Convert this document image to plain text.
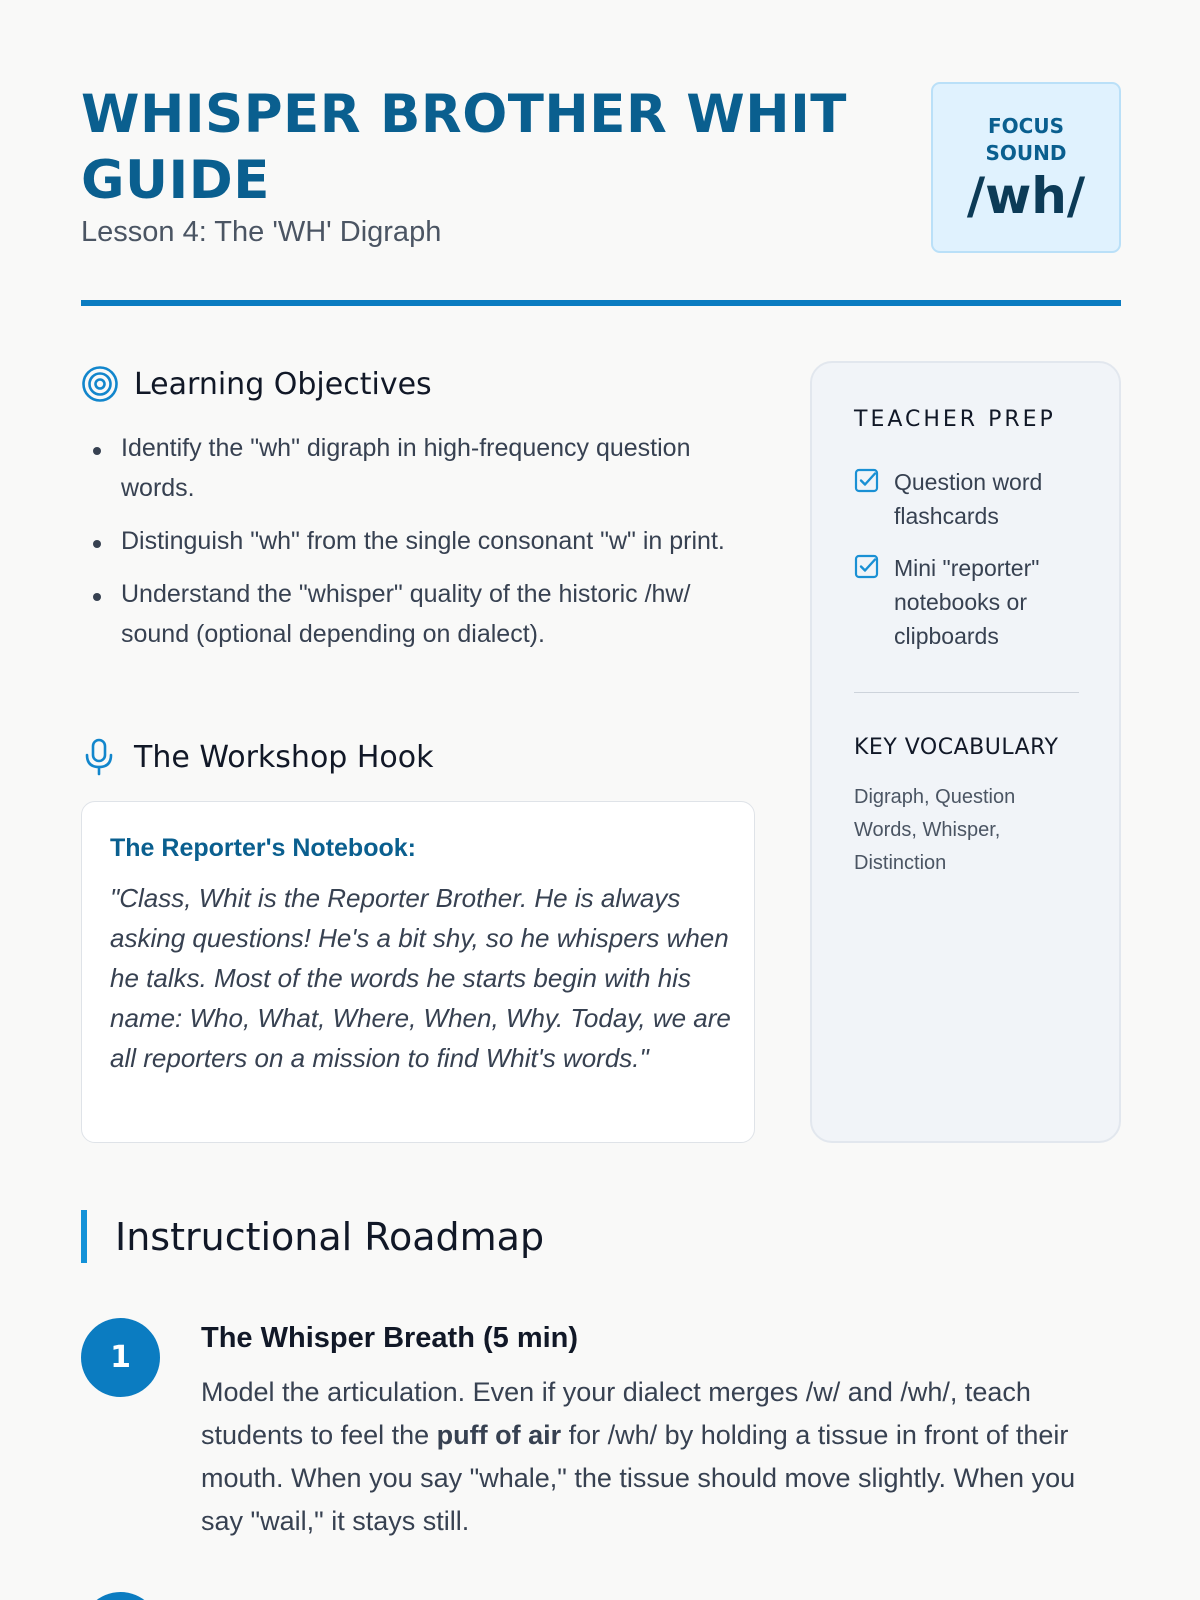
WHISPER BROTHER WHIT GUIDE
Lesson 4: The 'WH' Digraph
FOCUS
SOUND
/wh/
Learning Objectives
Identify the "wh" digraph in high-frequency question words.
Distinguish "wh" from the single consonant "w" in print.
Understand the "whisper" quality of the historic /hw/ sound (optional depending on dialect).
The Workshop Hook
The Reporter's Notebook:
"Class, Whit is the Reporter Brother. He is always asking questions! He's a bit shy, so he whispers when he talks. Most of the words he starts begin with his name: Who, What, Where, When, Why. Today, we are all reporters on a mission to find Whit's words."
TEACHER PREP
Question word flashcards
Mini "reporter" notebooks or clipboards
KEY VOCABULARY
Digraph, Question Words, Whisper, Distinction
Instructional Roadmap
1
The Whisper Breath (5 min)
Model the articulation. Even if your dialect merges /w/ and /wh/, teach students to feel the puff of air for /wh/ by holding a tissue in front of their mouth. When you say "whale," the tissue should move slightly. When you say "wail," it stays still.
